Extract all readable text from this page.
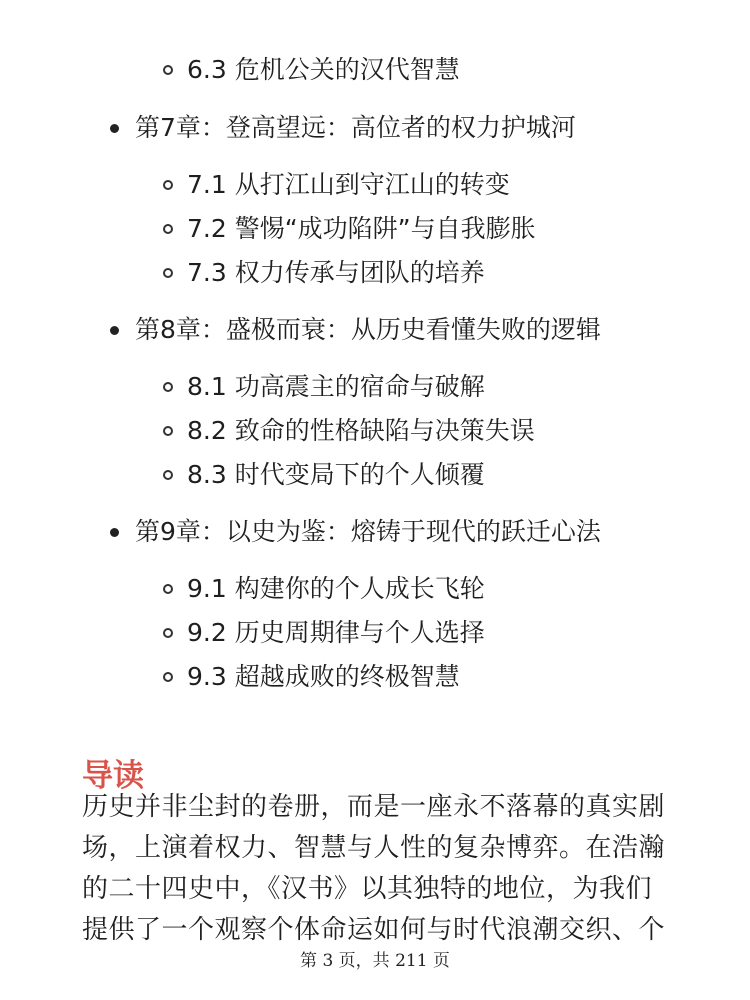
6.3 危机公关的汉代智慧
第7章：登高望远：高位者的权力护城河
7.1 从打江山到守江山的转变
7.2 警惕“成功陷阱”与自我膨胀
7.3 权力传承与团队的培养
第8章：盛极而衰：从历史看懂失败的逻辑
8.1 功高震主的宿命与破解
8.2 致命的性格缺陷与决策失误
8.3 时代变局下的个人倾覆
第9章：以史为鉴：熔铸于现代的跃迁心法
9.1 构建你的个人成长飞轮
9.2 历史周期律与个人选择
9.3 超越成败的终极智慧
导读
历史并非尘封的卷册，而是一座永不落幕的真实剧
场，上演着权力、智慧与人性的复杂博弈。在浩瀚
的二十四史中，《汉书》以其独特的地位，为我们
提供了一个观察个体命运如何与时代浪潮交织、个
第 3 页，共 211 页
